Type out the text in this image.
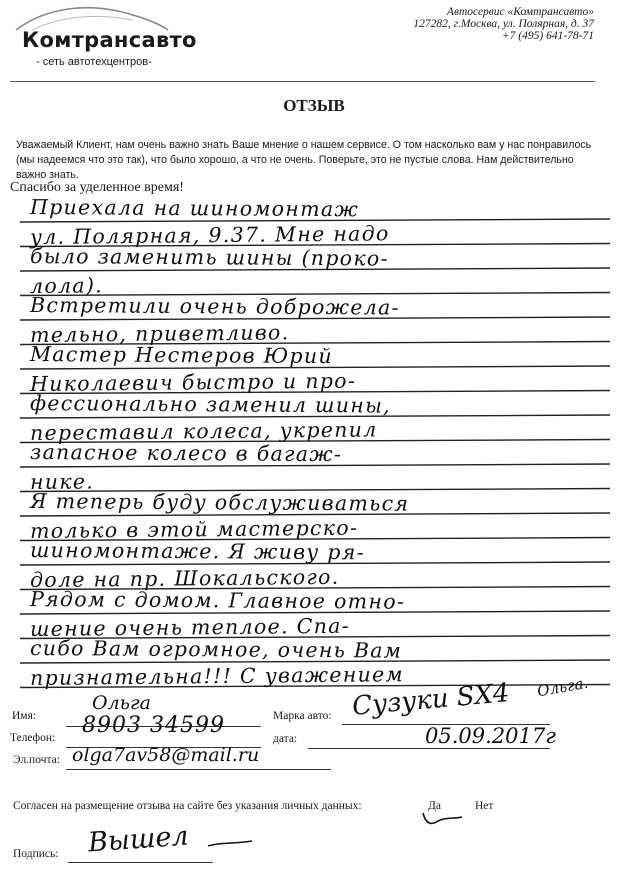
Комтрансавто
- сеть автотехцентров-
Автосервис «Комтрансавто»
127282, г.Москва, ул. Полярная, д. 37
+7 (495) 641-78-71
ОТЗЫВ
Уважаемый Клиент, нам очень важно знать Ваше мнение о нашем сервисе. О том насколько вам у нас понравилось (мы надеемся что это так), что было хорошо, а что не очень. Поверьте, это не пустые слова. Нам действительно важно знать.
Спасибо за уделенное время!
Приехала на шиномонтаж
ул. Полярная, 9.37. Мне надо
было заменить шины (проко-
лола).
Встретили очень доброжела-
тельно, приветливо.
Мастер Нестеров Юрий
Николаевич быстро и про-
фессионально заменил шины,
переставил колеса, укрепил
запасное колесо в багаж-
нике.
Я теперь буду обслуживаться
только в этой мастерско-
шиномонтаже. Я живу ря-
доле на пр. Шокальского.
Рядом с домом. Главное отно-
шение очень теплое. Спа-
сибо Вам огромное, очень Вам
признательна!!! С уважением	Ольга.
Имя:
Ольга
Телефон: 8903 34599
Эл.почта: olga7av58@mail.ru
Марка авто: Сузуки SX4
дата:	05.09.2017г
Согласен на размещение отзыва на сайте без указания личных данных:	Да	Нет
Подпись: Вышел
